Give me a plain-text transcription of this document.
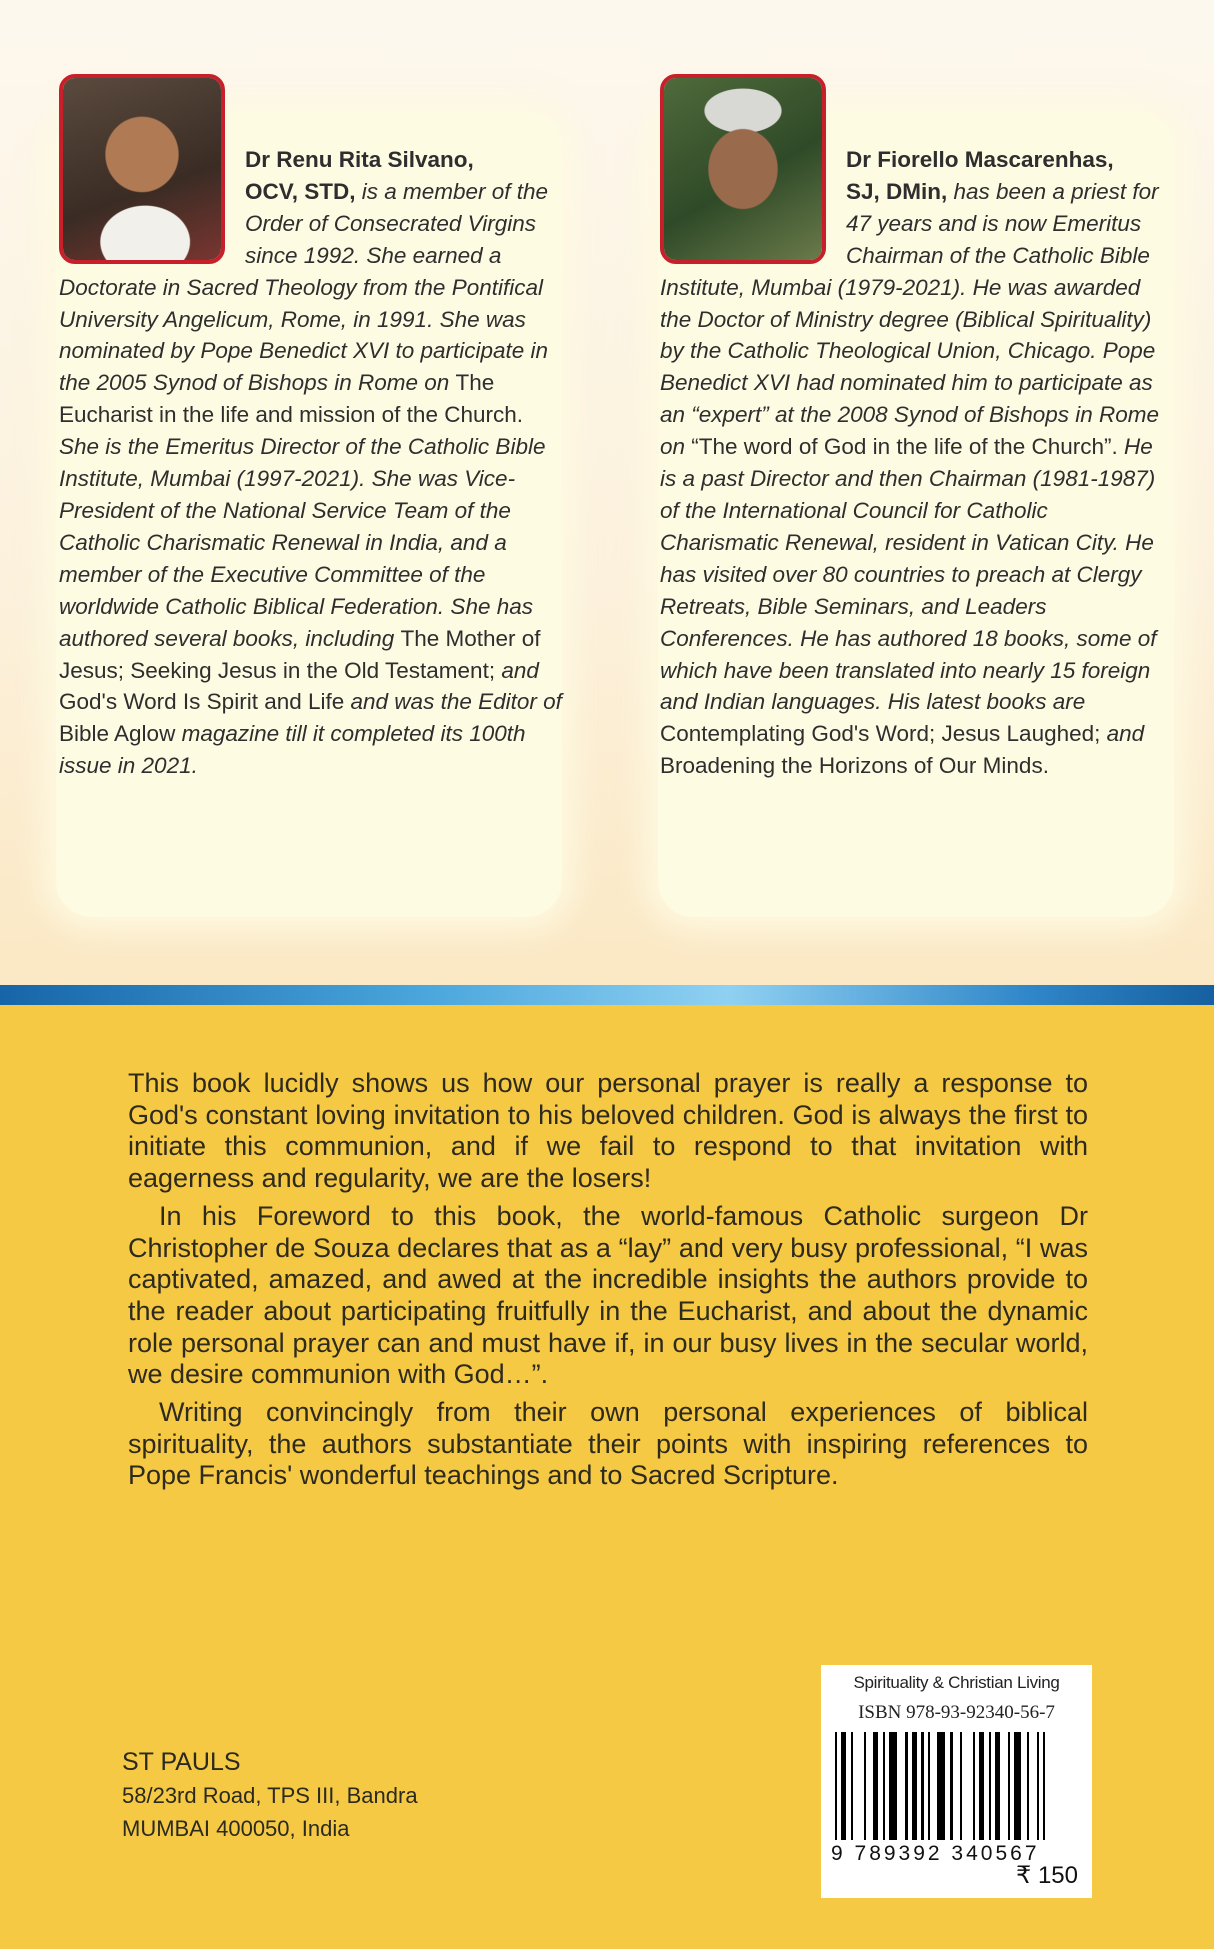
Dr Renu Rita Silvano,
OCV, STD, is a member of the Order of Consecrated Virgins since 1992. She earned a Doctorate in Sacred Theology from the Pontifical University Angelicum, Rome, in 1991. She was nominated by Pope Benedict XVI to participate in the 2005 Synod of Bishops in Rome on The Eucharist in the life and mission of the Church. She is the Emeritus Director of the Catholic Bible Institute, Mumbai (1997-2021). She was Vice-President of the National Service Team of the Catholic Charismatic Renewal in India, and a member of the Executive Committee of the worldwide Catholic Biblical Federation. She has authored several books, including The Mother of Jesus; Seeking Jesus in the Old Testament; and God's Word Is Spirit and Life and was the Editor of Bible Aglow magazine till it completed its 100th issue in 2021.
Dr Fiorello Mascarenhas,
SJ, DMin, has been a priest for 47 years and is now Emeritus Chairman of the Catholic Bible Institute, Mumbai (1979-2021). He was awarded the Doctor of Ministry degree (Biblical Spirituality) by the Catholic Theological Union, Chicago. Pope Benedict XVI had nominated him to participate as an “expert” at the 2008 Synod of Bishops in Rome on “The word of God in the life of the Church”. He is a past Director and then Chairman (1981-1987) of the International Council for Catholic Charismatic Renewal, resident in Vatican City. He has visited over 80 countries to preach at Clergy Retreats, Bible Seminars, and Leaders Conferences. He has authored 18 books, some of which have been translated into nearly 15 foreign and Indian languages. His latest books are Contemplating God's Word; Jesus Laughed; and Broadening the Horizons of Our Minds.

This book lucidly shows us how our personal prayer is really a response to God's constant loving invitation to his beloved children. God is always the first to initiate this communion, and if we fail to respond to that invitation with eagerness and regularity, we are the losers!

In his Foreword to this book, the world-famous Catholic surgeon Dr Christopher de Souza declares that as a “lay” and very busy professional, “I was captivated, amazed, and awed at the incredible insights the authors provide to the reader about participating fruitfully in the Eucharist, and about the dynamic role personal prayer can and must have if, in our busy lives in the secular world, we desire communion with God…”.

Writing convincingly from their own personal experiences of biblical spirituality, the authors substantiate their points with inspiring references to Pope Francis' wonderful teachings and to Sacred Scripture.

ST PAULS
58/23rd Road, TPS III, Bandra
MUMBAI 400050, India
Spirituality & Christian Living
ISBN 978-93-92340-56-7
9 789392 340567
₹ 150
